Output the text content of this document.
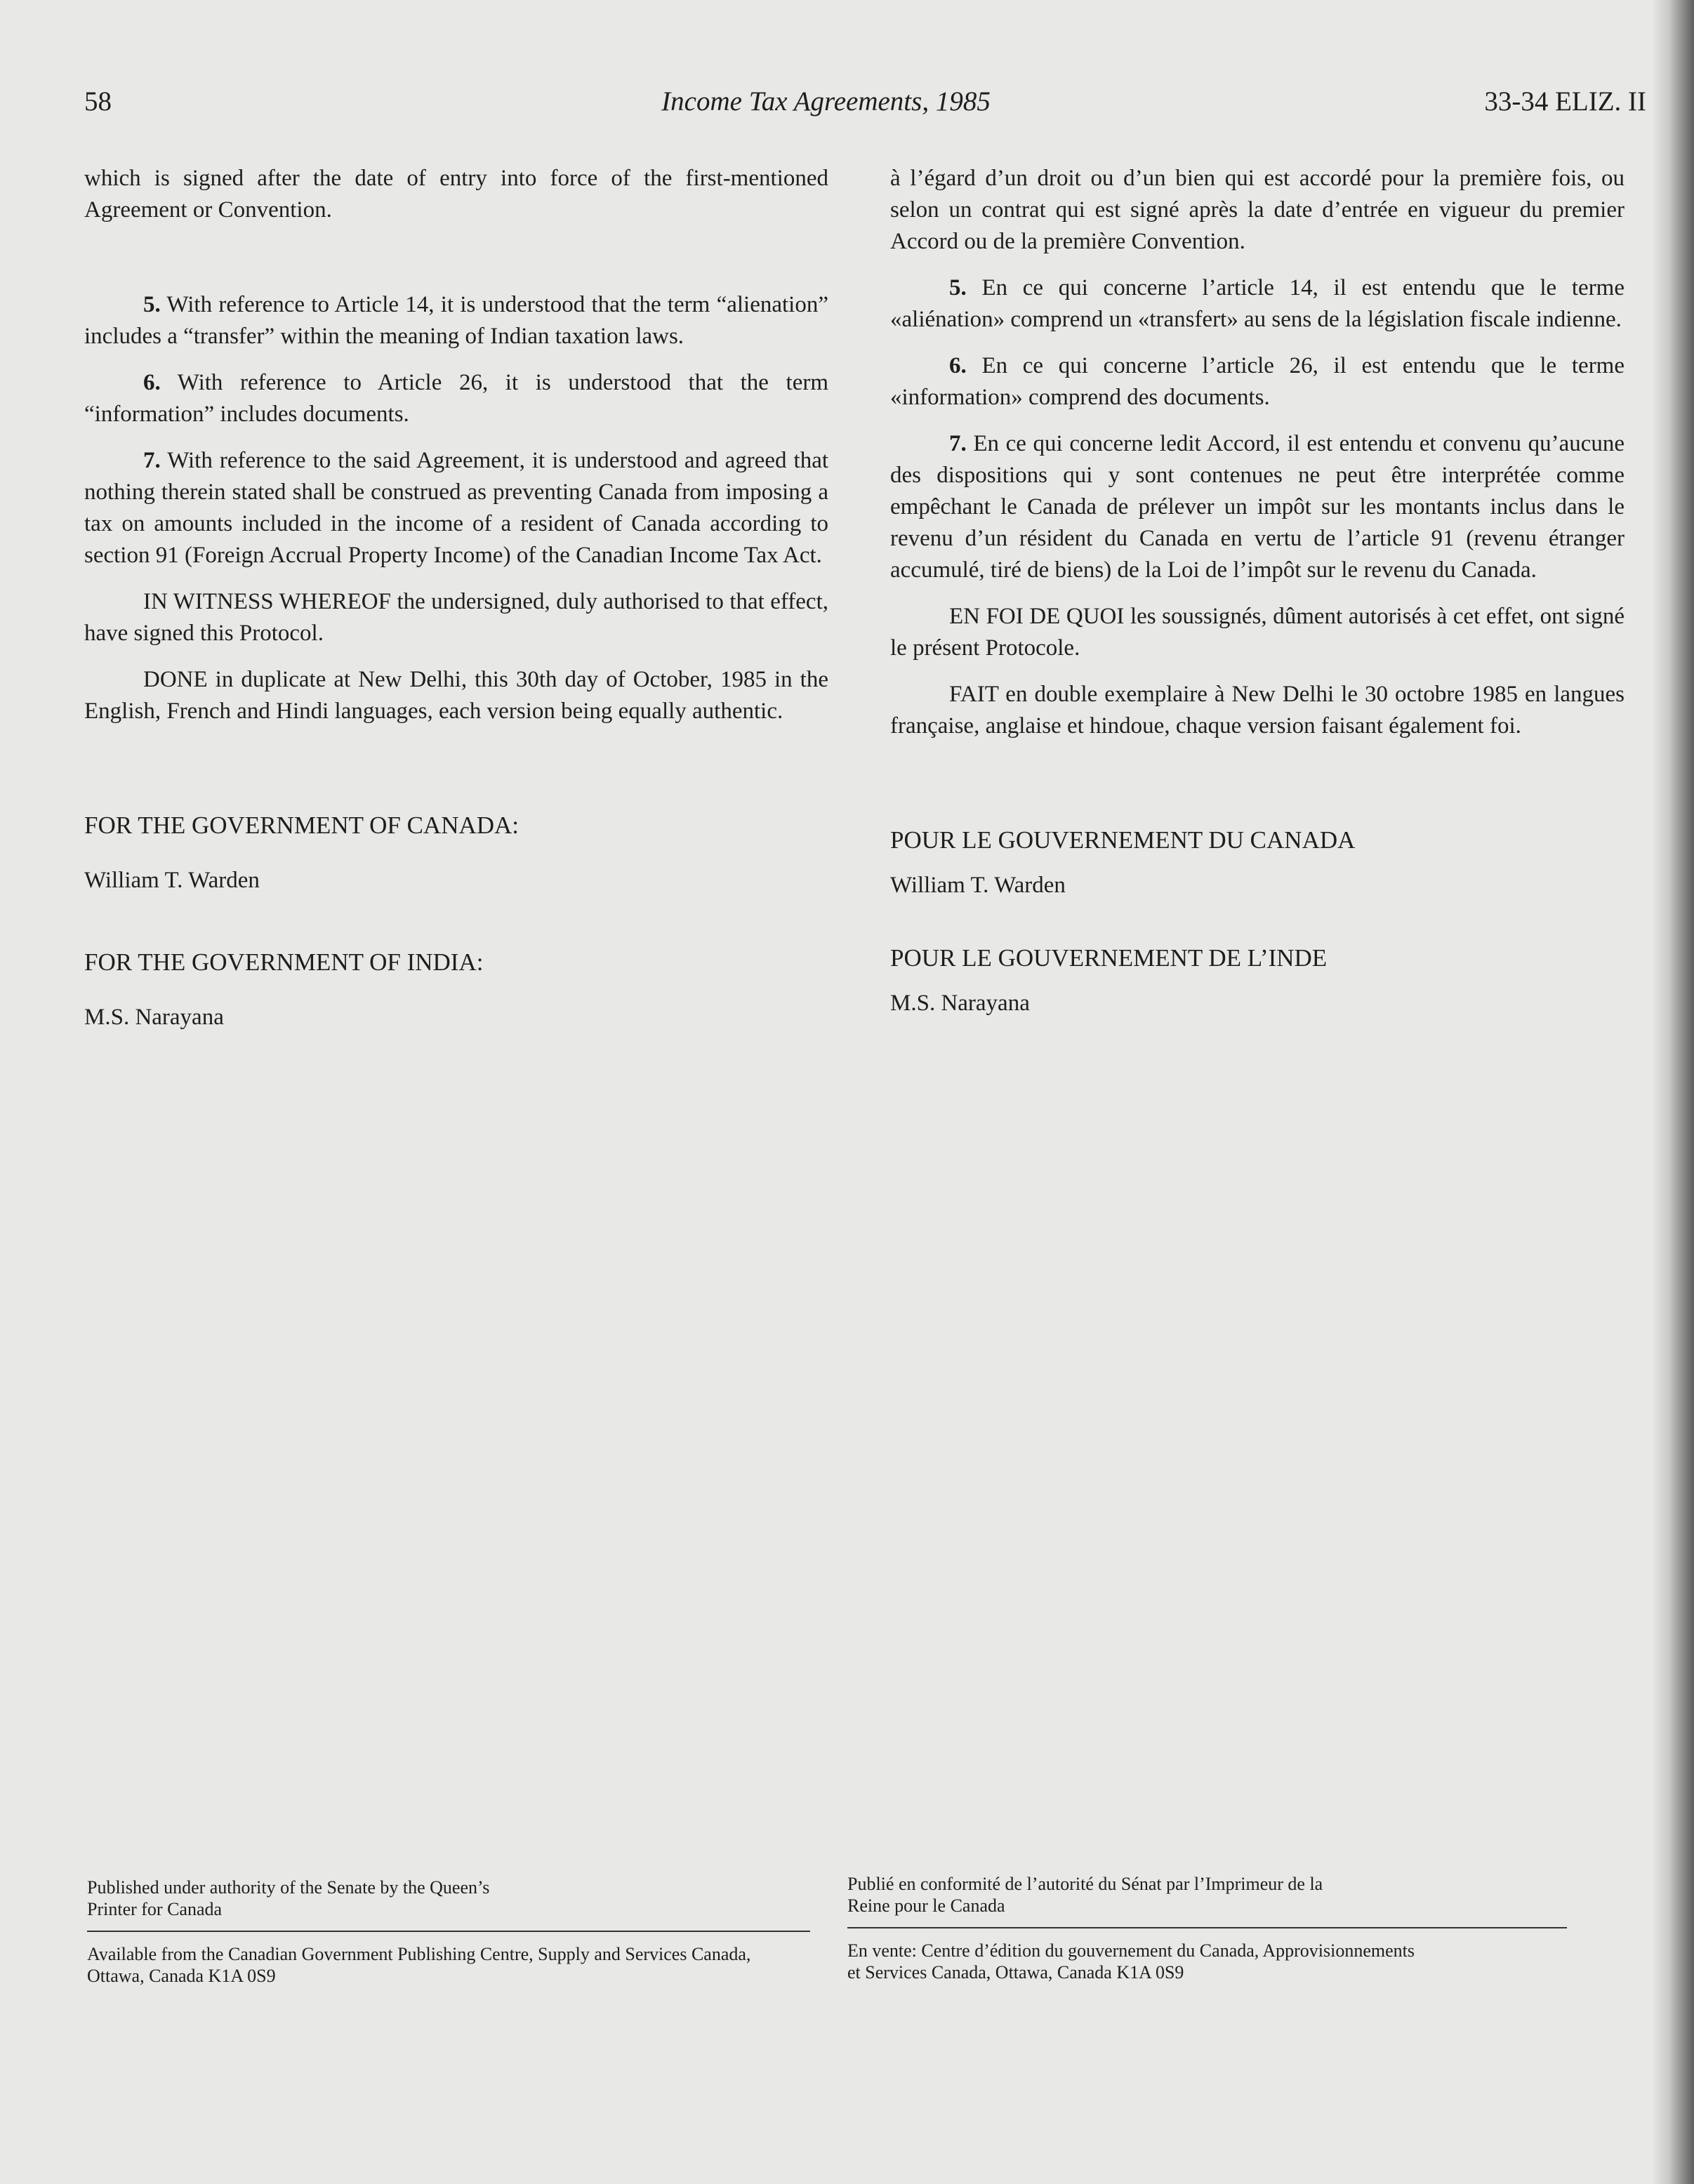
58	Income Tax Agreements, 1985	33-34 ELIZ. II

which is signed after the date of entry into force of the first-mentioned Agreement or Convention.

5. With reference to Article 14, it is understood that the term “alienation” includes a “transfer” within the meaning of Indian taxation laws.

6. With reference to Article 26, it is understood that the term “information” includes documents.

7. With reference to the said Agreement, it is understood and agreed that nothing therein stated shall be construed as preventing Canada from imposing a tax on amounts included in the income of a resident of Canada according to section 91 (Foreign Accrual Property Income) of the Canadian Income Tax Act.

IN WITNESS WHEREOF the undersigned, duly authorised to that effect, have signed this Protocol.

DONE in duplicate at New Delhi, this 30th day of October, 1985 in the English, French and Hindi languages, each version being equally authentic.

FOR THE GOVERNMENT OF CANADA:

William T. Warden

FOR THE GOVERNMENT OF INDIA:

M.S. Narayana

à l’égard d’un droit ou d’un bien qui est accordé pour la première fois, ou selon un contrat qui est signé après la date d’entrée en vigueur du premier Accord ou de la première Convention.

5. En ce qui concerne l’article 14, il est entendu que le terme «aliénation» comprend un «transfert» au sens de la législation fiscale indienne.

6. En ce qui concerne l’article 26, il est entendu que le terme «information» comprend des documents.

7. En ce qui concerne ledit Accord, il est entendu et convenu qu’aucune des dispositions qui y sont contenues ne peut être interprétée comme empêchant le Canada de prélever un impôt sur les montants inclus dans le revenu d’un résident du Canada en vertu de l’article 91 (revenu étranger accumulé, tiré de biens) de la Loi de l’impôt sur le revenu du Canada.

EN FOI DE QUOI les soussignés, dûment autorisés à cet effet, ont signé le présent Protocole.

FAIT en double exemplaire à New Delhi le 30 octobre 1985 en langues française, anglaise et hindoue, chaque version faisant également foi.

POUR LE GOUVERNEMENT DU CANADA

William T. Warden

POUR LE GOUVERNEMENT DE L’INDE

M.S. Narayana

Published under authority of the Senate by the Queen’s Printer for Canada

Available from the Canadian Government Publishing Centre, Supply and Services Canada, Ottawa, Canada K1A 0S9

Publié en conformité de l’autorité du Sénat par l’Imprimeur de la Reine pour le Canada

En vente: Centre d’édition du gouvernement du Canada, Approvisionnements et Services Canada, Ottawa, Canada K1A 0S9
